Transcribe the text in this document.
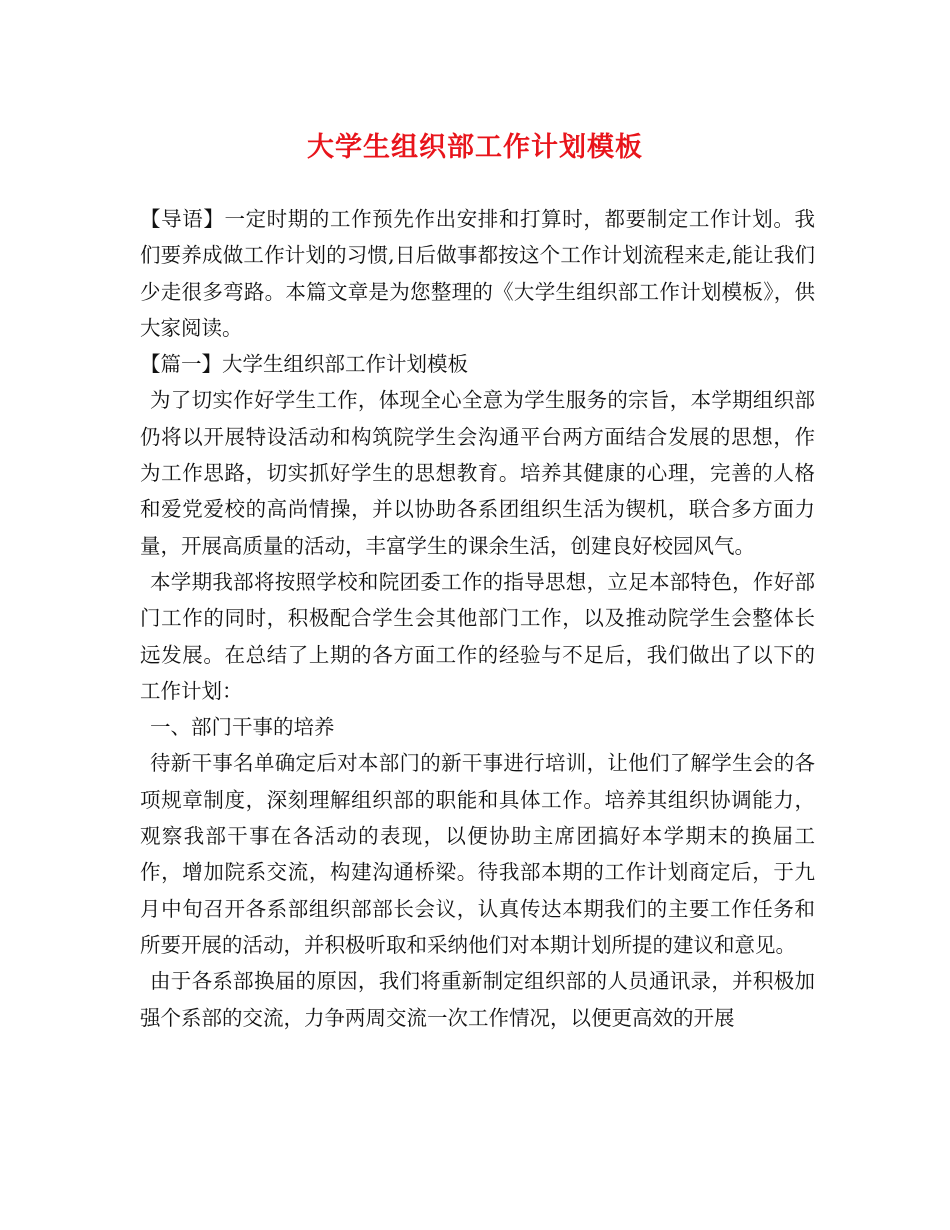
大学生组织部工作计划模板

【导语】一定时期的工作预先作出安排和打算时，都要制定工作计划。我们要养成做工作计划的习惯,日后做事都按这个工作计划流程来走,能让我们少走很多弯路。本篇文章是为您整理的《大学生组织部工作计划模板》，供大家阅读。

【篇一】大学生组织部工作计划模板

为了切实作好学生工作，体现全心全意为学生服务的宗旨，本学期组织部仍将以开展特设活动和构筑院学生会沟通平台两方面结合发展的思想，作为工作思路，切实抓好学生的思想教育。培养其健康的心理，完善的人格和爱党爱校的高尚情操，并以协助各系团组织生活为锲机，联合多方面力量，开展高质量的活动，丰富学生的课余生活，创建良好校园风气。

本学期我部将按照学校和院团委工作的指导思想，立足本部特色，作好部门工作的同时，积极配合学生会其他部门工作，以及推动院学生会整体长远发展。在总结了上期的各方面工作的经验与不足后，我们做出了以下的工作计划：

一、部门干事的培养

待新干事名单确定后对本部门的新干事进行培训，让他们了解学生会的各项规章制度，深刻理解组织部的职能和具体工作。培养其组织协调能力，观察我部干事在各活动的表现，以便协助主席团搞好本学期末的换届工作，增加院系交流，构建沟通桥梁。待我部本期的工作计划商定后，于九月中旬召开各系部组织部部长会议，认真传达本期我们的主要工作任务和所要开展的活动，并积极听取和采纳他们对本期计划所提的建议和意见。

由于各系部换届的原因，我们将重新制定组织部的人员通讯录，并积极加强个系部的交流，力争两周交流一次工作情况，以便更高效的开展
